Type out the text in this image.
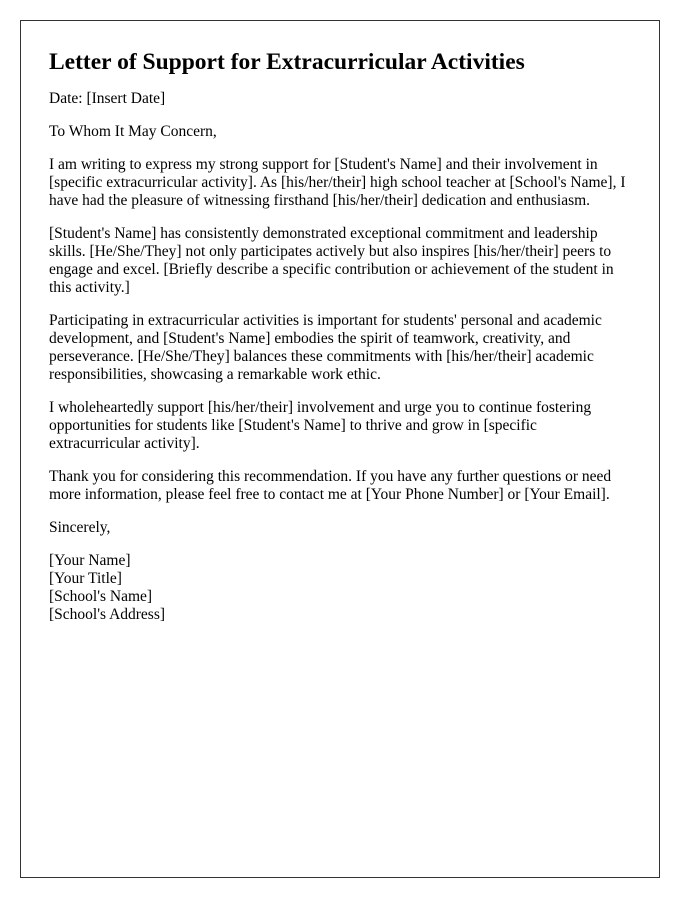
Letter of Support for Extracurricular Activities

Date: [Insert Date]

To Whom It May Concern,

I am writing to express my strong support for [Student's Name] and their involvement in [specific extracurricular activity]. As [his/her/their] high school teacher at [School's Name], I have had the pleasure of witnessing firsthand [his/her/their] dedication and enthusiasm.

[Student's Name] has consistently demonstrated exceptional commitment and leadership skills. [He/She/They] not only participates actively but also inspires [his/her/their] peers to engage and excel. [Briefly describe a specific contribution or achievement of the student in this activity.]

Participating in extracurricular activities is important for students' personal and academic development, and [Student's Name] embodies the spirit of teamwork, creativity, and perseverance. [He/She/They] balances these commitments with [his/her/their] academic responsibilities, showcasing a remarkable work ethic.

I wholeheartedly support [his/her/their] involvement and urge you to continue fostering opportunities for students like [Student's Name] to thrive and grow in [specific extracurricular activity].

Thank you for considering this recommendation. If you have any further questions or need more information, please feel free to contact me at [Your Phone Number] or [Your Email].

Sincerely,

[Your Name]

[Your Title]

[School's Name]

[School's Address]
